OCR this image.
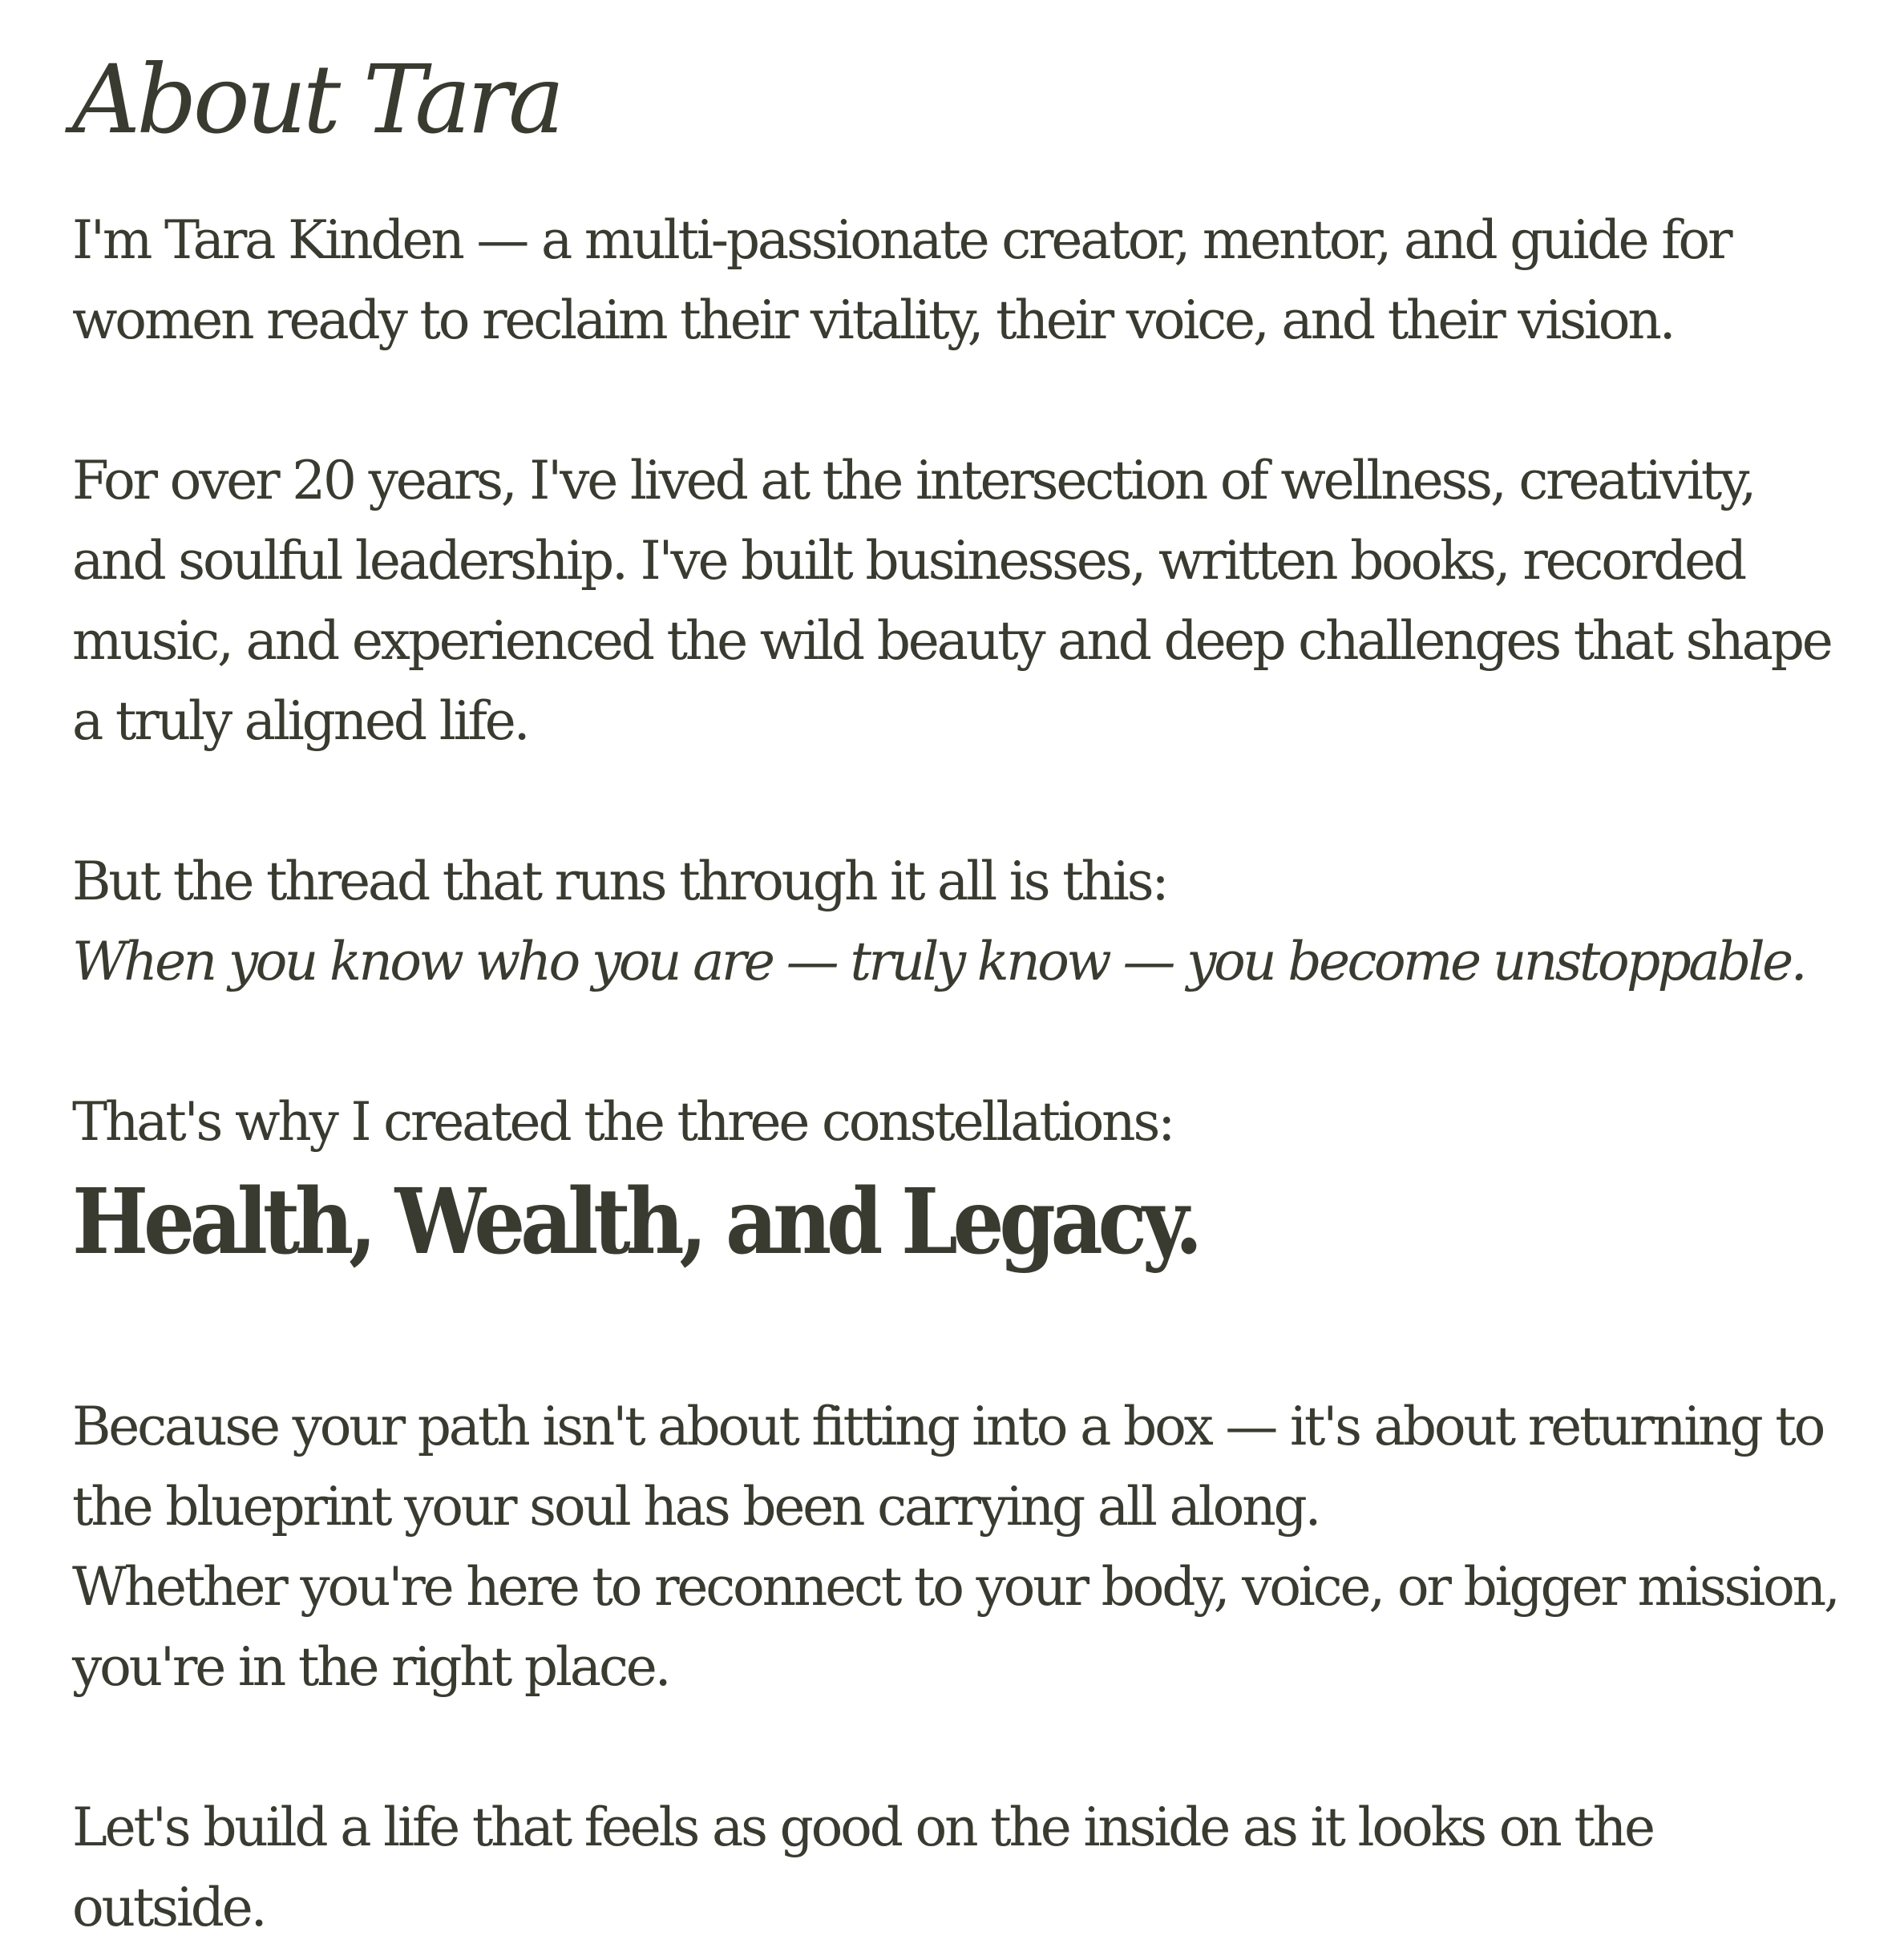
About Tara

I'm Tara Kinden — a multi-passionate creator, mentor, and guide for women ready to reclaim their vitality, their voice, and their vision.

For over 20 years, I've lived at the intersection of wellness, creativity, and soulful leadership. I've built businesses, written books, recorded music, and experienced the wild beauty and deep challenges that shape a truly aligned life.

But the thread that runs through it all is this:

When you know who you are — truly know — you become unstoppable.

That's why I created the three constellations:

Health, Wealth, and Legacy.

Because your path isn't about fitting into a box — it's about returning to the blueprint your soul has been carrying all along.

Whether you're here to reconnect to your body, voice, or bigger mission, you're in the right place.

Let's build a life that feels as good on the inside as it looks on the outside.
